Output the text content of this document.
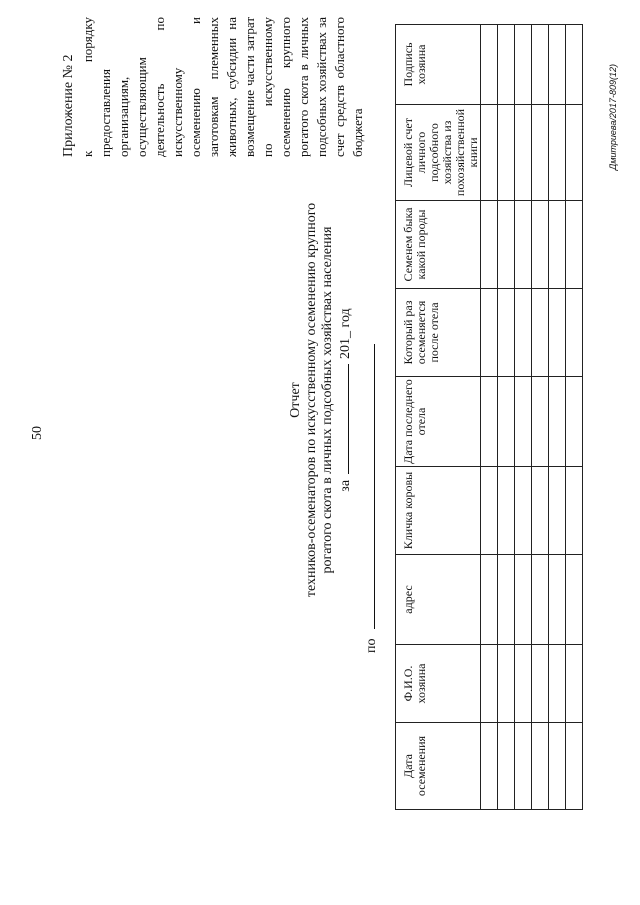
50
Приложение № 2 к порядку предоставления организациям, осуществляющим деятельность по искусственному осеменению и заготовкам племенных животных, субсидии на возмещение части затрат по искусственному осеменению крупного рогатого скота в личных подсобных хозяйствах за счет средств областного бюджета
Отчет техников-осеменаторов по искусственному осеменению крупного рогатого скота в личных подсобных хозяйствах населения за  201_ год
по
Дата осеменения	Ф.И.О. хозяина	адрес	Кличка коровы	Дата последнего отела	Который раз осеменяется после отела	Семенем быка какой породы	Лицевой счет личного подсобного хозяйства из похозяйственной книги	Подпись хозяина

									Дмитриева/2017-809(12)
